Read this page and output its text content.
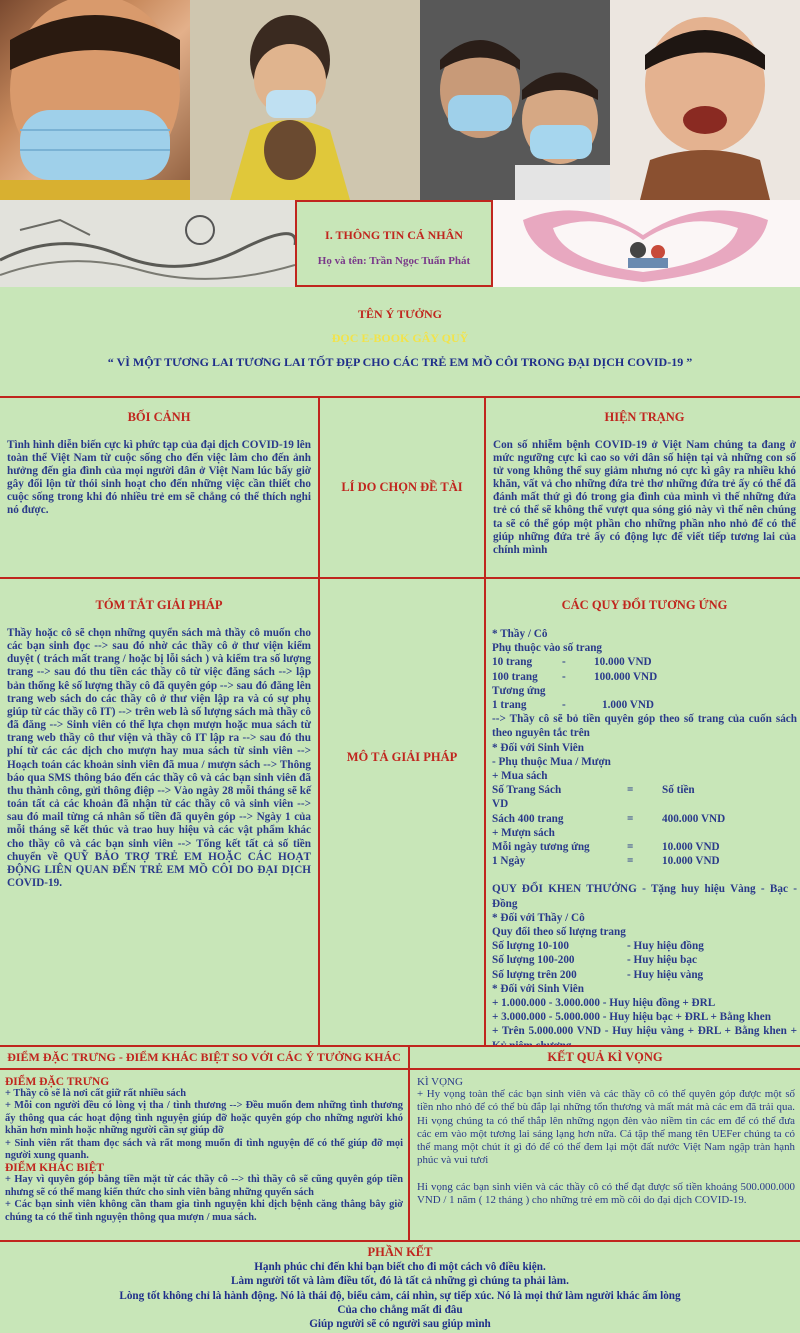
I. THÔNG TIN CÁ NHÂN
Họ và tên: Trần Ngọc Tuấn Phát
TÊN Ý TƯỞNG
ĐỌC E-BOOK GÂY QUỸ
“ VÌ MỘT TƯƠNG LAI TƯƠNG LAI TỐT ĐẸP CHO CÁC TRẺ EM MỒ CÔI TRONG ĐẠI DỊCH COVID-19 ”
BỐI CẢNH
Tình hình diễn biến cực kì phức tạp của đại dịch COVID-19 lên toàn thể Việt Nam từ cuộc sống cho đến việc làm cho đến ảnh hưởng đến gia đình của mọi người dân ở Việt Nam lúc bấy giờ gây đổi lộn từ thói sinh hoạt cho đến những việc cần thiết cho cuộc sống trong khi đó nhiều trẻ em sẽ chẳng có thể thích nghi nó được.
LÍ DO CHỌN ĐỀ TÀI
HIỆN TRẠNG
Con số nhiễm bệnh COVID-19 ở Việt Nam chúng ta đang ở mức ngưỡng cực kì cao so với dân số hiện tại và những con số tử vong không thể suy giảm nhưng nó cực kì gây ra nhiều khó khăn, vất vả cho những đứa trẻ thơ những đứa trẻ ấy có thể đã đánh mất thứ gì đó trong gia đình của mình vì thế những đứa trẻ có thể sẽ không thể vượt qua sóng gió này vì thế nên chúng ta sẽ có thể góp một phần cho những phần nho nhỏ để có thể giúp những đứa trẻ ấy có động lực để viết tiếp tương lai của chính mình
TÓM TẮT GIẢI PHÁP
Thầy hoặc cô sẽ chọn những quyển sách mà thầy cô muốn cho các bạn sinh đọc --> sau đó nhờ các thầy cô ở thư viện kiểm duyệt ( trách mất trang / hoặc bị lỗi sách ) và kiểm tra số lượng trang --> sau đó thu tiền các thầy cô từ việc đăng sách --> lập bản thống kê số lượng thầy cô đã quyên góp --> sau đó đăng lên trang web sách do các thầy cô ở thư viện lập ra và có sự phụ giúp từ các thầy cô IT) --> trên web là số lượng sách mà thầy cô đã đăng --> Sinh viên có thể lựa chọn mượn hoặc mua sách từ trang web thầy cô thư viện và thầy cô IT lập ra --> sau đó thu phí từ các các dịch cho mượn hay mua sách từ sinh viên --> Hoạch toán các khoản sinh viên đã mua / mượn sách --> Thông báo qua SMS thông báo đến các thầy cô và các bạn sinh viên đã thu thành công, gửi thông điệp --> Vào ngày 28 mỗi tháng sẽ kế toán tất cả các khoản đã nhận từ các thầy cô và sinh viên --> sau đó mail từng cá nhân số tiền đã quyên góp --> Ngày 1 của mỗi tháng sẽ kết thúc và trao huy hiệu và các vật phẩm khác cho thầy cô và các bạn sinh viên --> Tổng kết tất cả số tiền chuyển về QUỸ BẢO TRỢ TRẺ EM HOẶC CÁC HOẠT ĐỘNG LIÊN QUAN ĐẾN TRẺ EM MỒ CÔI DO ĐẠI DỊCH COVID-19.
MÔ TẢ GIẢI PHÁP
CÁC QUY ĐỔI TƯƠNG ỨNG
* Thầy / Cô
Phụ thuộc vào số trang
10 trang	-	10.000 VND
100 trang	-	100.000 VND
Tương ứng
1 trang	-	1.000 VND
--> Thầy cô sẽ bỏ tiền quyên góp theo số trang của cuốn sách theo nguyên tắc trên
* Đối với Sinh Viên
- Phụ thuộc Mua / Mượn
+ Mua sách
Số Trang Sách	=	Số tiền
VD
Sách 400 trang	=	400.000 VND
+ Mượn sách
Mỗi ngày tương ứng	=	10.000 VND
1 Ngày	=	10.000 VND
QUY ĐỔI KHEN THƯỞNG - Tặng huy hiệu Vàng - Bạc - Đồng
* Đối với Thầy / Cô
Quy đổi theo số lượng trang
Số lượng 10-100	- Huy hiệu đồng
Số lượng 100-200	- Huy hiệu bạc
Số lượng trên 200	- Huy hiệu vàng
* Đối với Sinh Viên
+ 1.000.000 - 3.000.000 - Huy hiệu đồng + ĐRL
+ 3.000.000 - 5.000.000 - Huy hiệu bạc + ĐRL + Bằng khen
+ Trên 5.000.000 VND - Huy hiệu vàng + ĐRL + Bằng khen +
ĐIỂM ĐẶC TRƯNG - ĐIỂM KHÁC BIỆT SO VỚI CÁC Ý TƯỞNG KHÁC
ĐIỂM ĐẶC TRƯNG
+ Thầy cô sẽ là nơi cất giữ rất nhiều sách
+ Mỗi con người đều có lòng vị tha / tình thương --> Đều muốn đem những tình thương ấy thông qua các hoạt động tình nguyện giúp đỡ hoặc quyên góp cho những người khó khăn hơn mình hoặc những người cần sự giúp đỡ
+ Sinh viên rất tham đọc sách và rất mong muốn đi tình nguyện để có thể giúp đỡ mọi người xung quanh.
ĐIỂM KHÁC BIỆT
+ Hay vì quyên góp bằng tiền mặt từ các thầy cô --> thì thầy cô sẽ cũng quyên góp tiền nhưng sẽ có thể mang kiến thức cho sinh viên bằng những quyển sách
+ Các bạn sinh viên không cần tham gia tình nguyện khi dịch bệnh căng thẳng bây giờ chúng ta có thể tình nguyện thông qua mượn / mua sách.
KẾT QUẢ KÌ VỌNG
KÌ VỌNG
+ Hy vọng toàn thể các bạn sinh viên và các thầy cô có thể quyên góp được một số tiền nho nhỏ để có thể bù đắp lại những tổn thương và mất mát mà các em đã trải qua. Hi vọng chúng ta có thể thắp lên những ngọn đèn vào niềm tin các em để có thể đưa các em vào một tương lai sáng lạng hơn nữa. Cả tập thể mang tên UEFer chúng ta có thể mang một chút ít gì đó để có thể đem lại một đất nước Việt Nam ngập tràn hạnh phúc và vui tươi
Hi vọng các bạn sinh viên và các thầy cô có thể đạt được số tiền khoảng 500.000.000 VND / 1 năm ( 12 tháng ) cho những trẻ em mồ côi do đại dịch COVID-19.
PHẦN KẾT
Hạnh phúc chỉ đến khi bạn biết cho đi một cách vô điều kiện.
Làm người tốt và làm điều tốt, đó là tất cả những gì chúng ta phải làm.
Lòng tốt không chỉ là hành động. Nó là thái độ, biểu cảm, cái nhìn, sự tiếp xúc. Nó là mọi thứ làm người khác ấm lòng
Của cho chẳng mất đi đâu
Giúp người sẽ có người sau giúp mình
